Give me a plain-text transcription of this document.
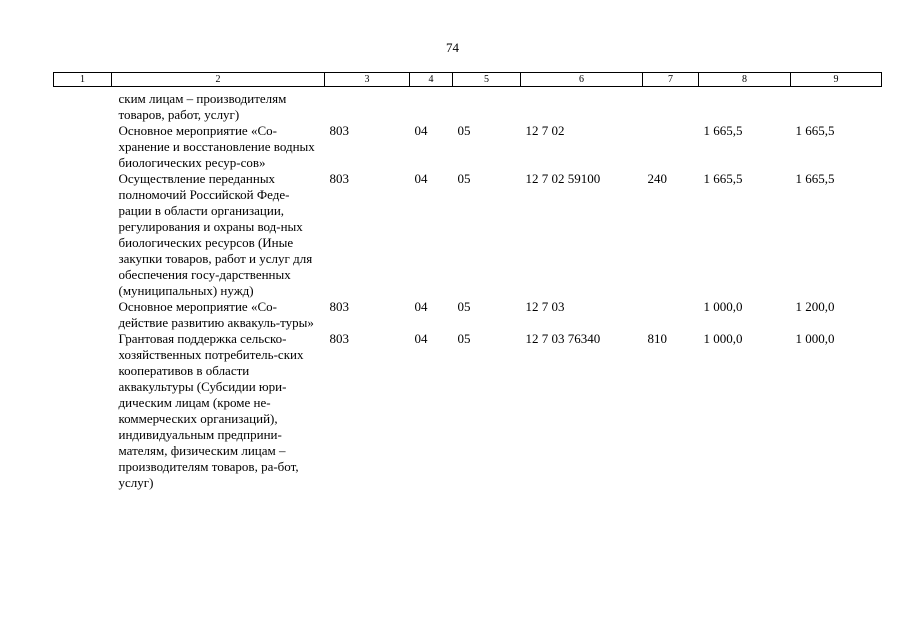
74
1	2	3	4	5	6	7	8	9
	ским лицам – производителям товаров, работ, услуг)							
	Основное мероприятие «Со-хранение и восстановление водных биологических ресур-сов»	803	04	05	12 7 02		1 665,5	1 665,5
	Осуществление переданных полномочий Российской Феде-рации в области организации, регулирования и охраны вод-ных биологических ресурсов (Иные закупки товаров, работ и услуг для обеспечения госу-дарственных (муниципальных) нужд)	803	04	05	12 7 02 59100	240	1 665,5	1 665,5
	Основное мероприятие «Со-действие развитию аквакуль-туры»	803	04	05	12 7 03		1 000,0	1 200,0
	Грантовая поддержка сельско-хозяйственных потребитель-ских кооперативов в области аквакультуры (Субсидии юри-дическим лицам (кроме не-коммерческих организаций), индивидуальным предприни-мателям, физическим лицам – производителям товаров, ра-бот, услуг)	803	04	05	12 7 03 76340	810	1 000,0	1 000,0
